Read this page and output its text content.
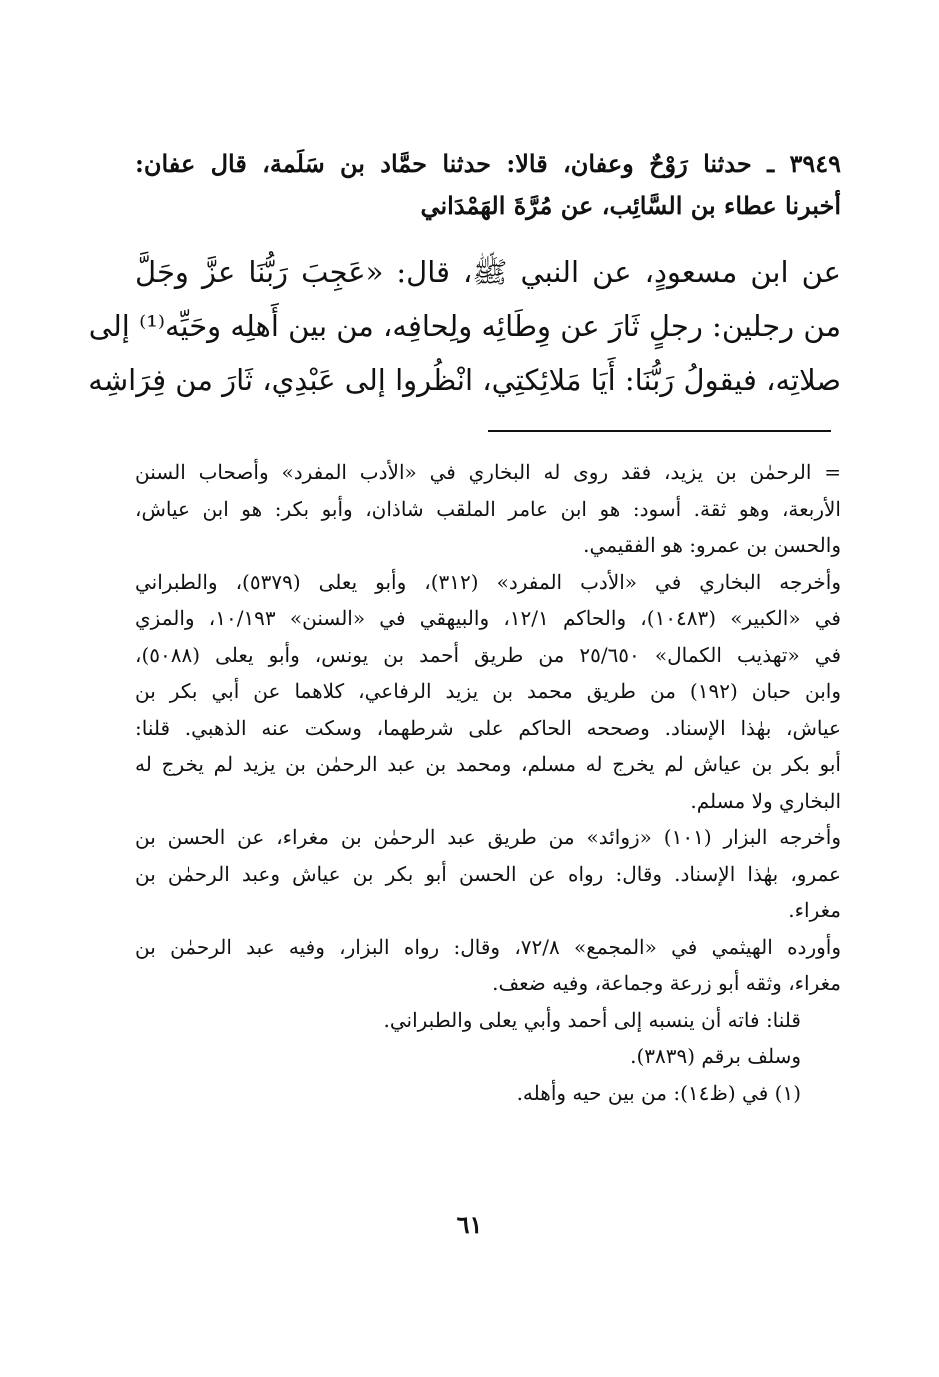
٣٩٤٩ ـ حدثنا رَوْحٌ وعفان، قالا: حدثنا حمَّاد بن سَلَمة، قال عفان:
أخبرنا عطاء بن السَّائِب، عن مُرَّةَ الهَمْدَاني
عن ابن مسعودٍ، عن النبي ﷺ، قال: «عَجِبَ رَبُّنَا عزَّ وجَلَّ
من رجلين: رجلٍ ثَارَ عن وِطَائِه ولِحافِه، من بين أَهلِه وحَيِّه⁽¹⁾ إلى
صلاتِه، فيقولُ رَبُّنَا: أَيَا مَلائِكتِي، انْظُروا إلى عَبْدِي، ثَارَ من فِرَاشِه
= الرحمٰن بن يزيد، فقد روى له البخاري في «الأدب المفرد» وأصحاب السنن
الأربعة، وهو ثقة. أسود: هو ابن عامر الملقب شاذان، وأبو بكر: هو ابن عياش،
والحسن بن عمرو: هو الفقيمي.
وأخرجه البخاري في «الأدب المفرد» (٣١٢)، وأبو يعلى (٥٣٧٩)، والطبراني
في «الكبير» (١٠٤٨٣)، والحاكم ١٢/١، والبيهقي في «السنن» ١٠/١٩٣، والمزي
في «تهذيب الكمال» ٢٥/٦٥٠ من طريق أحمد بن يونس، وأبو يعلى (٥٠٨٨)،
وابن حبان (١٩٢) من طريق محمد بن يزيد الرفاعي، كلاهما عن أبي بكر بن
عياش، بهٰذا الإسناد. وصححه الحاكم على شرطهما، وسكت عنه الذهبي. قلنا:
أبو بكر بن عياش لم يخرج له مسلم، ومحمد بن عبد الرحمٰن بن يزيد لم يخرج له
البخاري ولا مسلم.
وأخرجه البزار (١٠١) «زوائد» من طريق عبد الرحمٰن بن مغراء، عن الحسن بن
عمرو، بهٰذا الإسناد. وقال: رواه عن الحسن أبو بكر بن عياش وعبد الرحمٰن بن
مغراء.
وأورده الهيثمي في «المجمع» ٧٢/٨، وقال: رواه البزار، وفيه عبد الرحمٰن بن
مغراء، وثقه أبو زرعة وجماعة، وفيه ضعف.
قلنا: فاته أن ينسبه إلى أحمد وأبي يعلى والطبراني.
وسلف برقم (٣٨٣٩).
(١) في (ظ١٤): من بين حيه وأهله.
٦١
